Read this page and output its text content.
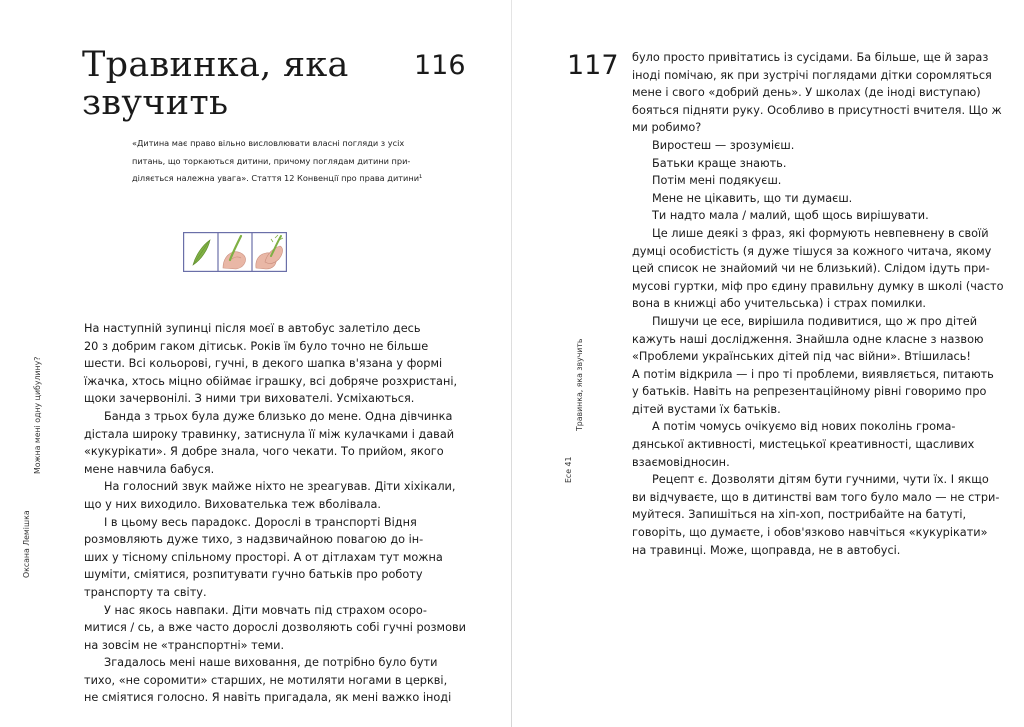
Травинка, яка
звучить
116
«Дитина має право вільно висловлювати власні погляди з усіх
питань, що торкаються дитини, причому поглядам дитини при-
діляється належна увага». Стаття 12 Конвенції про права дитини¹
На наступній зупинці після моєї в автобус залетіло десь
20 з добрим гаком дітиськ. Років їм було точно не більше
шести. Всі кольорові, гучні, в декого шапка в'язана у формі
їжачка, хтось міцно обіймає іграшку, всі добряче розхристані,
щоки зачервонілі. З ними три вихователі. Усміхаються.
Банда з трьох була дуже близько до мене. Одна дівчинка
дістала широку травинку, затиснула її між кулачками і давай
«кукурікати». Я добре знала, чого чекати. То прийом, якого
мене навчила бабуся.
На голосний звук майже ніхто не зреагував. Діти хіхікали,
що у них виходило. Вихователька теж вболівала.
І в цьому весь парадокс. Дорослі в транспорті Відня
розмовляють дуже тихо, з надзвичайною повагою до ін-
ших у тісному спільному просторі. А от дітлахам тут можна
шуміти, сміятися, розпитувати гучно батьків про роботу
транспорту та світу.
У нас якось навпаки. Діти мовчать під страхом осоро-
митися / сь, а вже часто дорослі дозволяють собі гучні розмови
на зовсім не «транспортні» теми.
Згадалось мені наше виховання, де потрібно було бути
тихо, «не соромити» старших, не мотиляти ногами в церкві,
не сміятися голосно. Я навіть пригадала, як мені важко іноді
Оксана Лемішка
Можна мені одну цибулину?
117 було просто привітатись із сусідами. Ба більше, ще й зараз
іноді помічаю, як при зустрічі поглядами дітки соромляться
мене і свого «добрий день». У школах (де іноді виступаю)
бояться підняти руку. Особливо в присутності вчителя. Що ж
ми робимо?
Виростеш — зрозумієш.
Батьки краще знають.
Потім мені подякуєш.
Мене не цікавить, що ти думаєш.
Ти надто мала / малий, щоб щось вирішувати.
Це лише деякі з фраз, які формують невпевнену в своїй
думці особистість (я дуже тішуся за кожного читача, якому
цей список не знайомий чи не близький). Слідом ідуть при-
мусові гуртки, міф про єдину правильну думку в школі (часто
вона в книжці або учительська) і страх помилки.
Пишучи це есе, вирішила подивитися, що ж про дітей
кажуть наші дослідження. Знайшла одне класне з назвою
«Проблеми українських дітей під час війни». Втішилась!
А потім відкрила — і про ті проблеми, виявляється, питають
у батьків. Навіть на репрезентаційному рівні говоримо про
дітей вустами їх батьків.
А потім чомусь очікуємо від нових поколінь грома-
дянської активності, мистецької креативності, щасливих
взаємовідносин.
Рецепт є. Дозволяти дітям бути гучними, чути їх. І якщо
ви відчуваєте, що в дитинстві вам того було мало — не стри-
муйтеся. Запишіться на хіп-хоп, пострибайте на батуті,
говоріть, що думаєте, і обов'язково навчіться «кукурікати»
на травинці. Може, щоправда, не в автобусі.
Есе 41
Травинка, яка звучить
